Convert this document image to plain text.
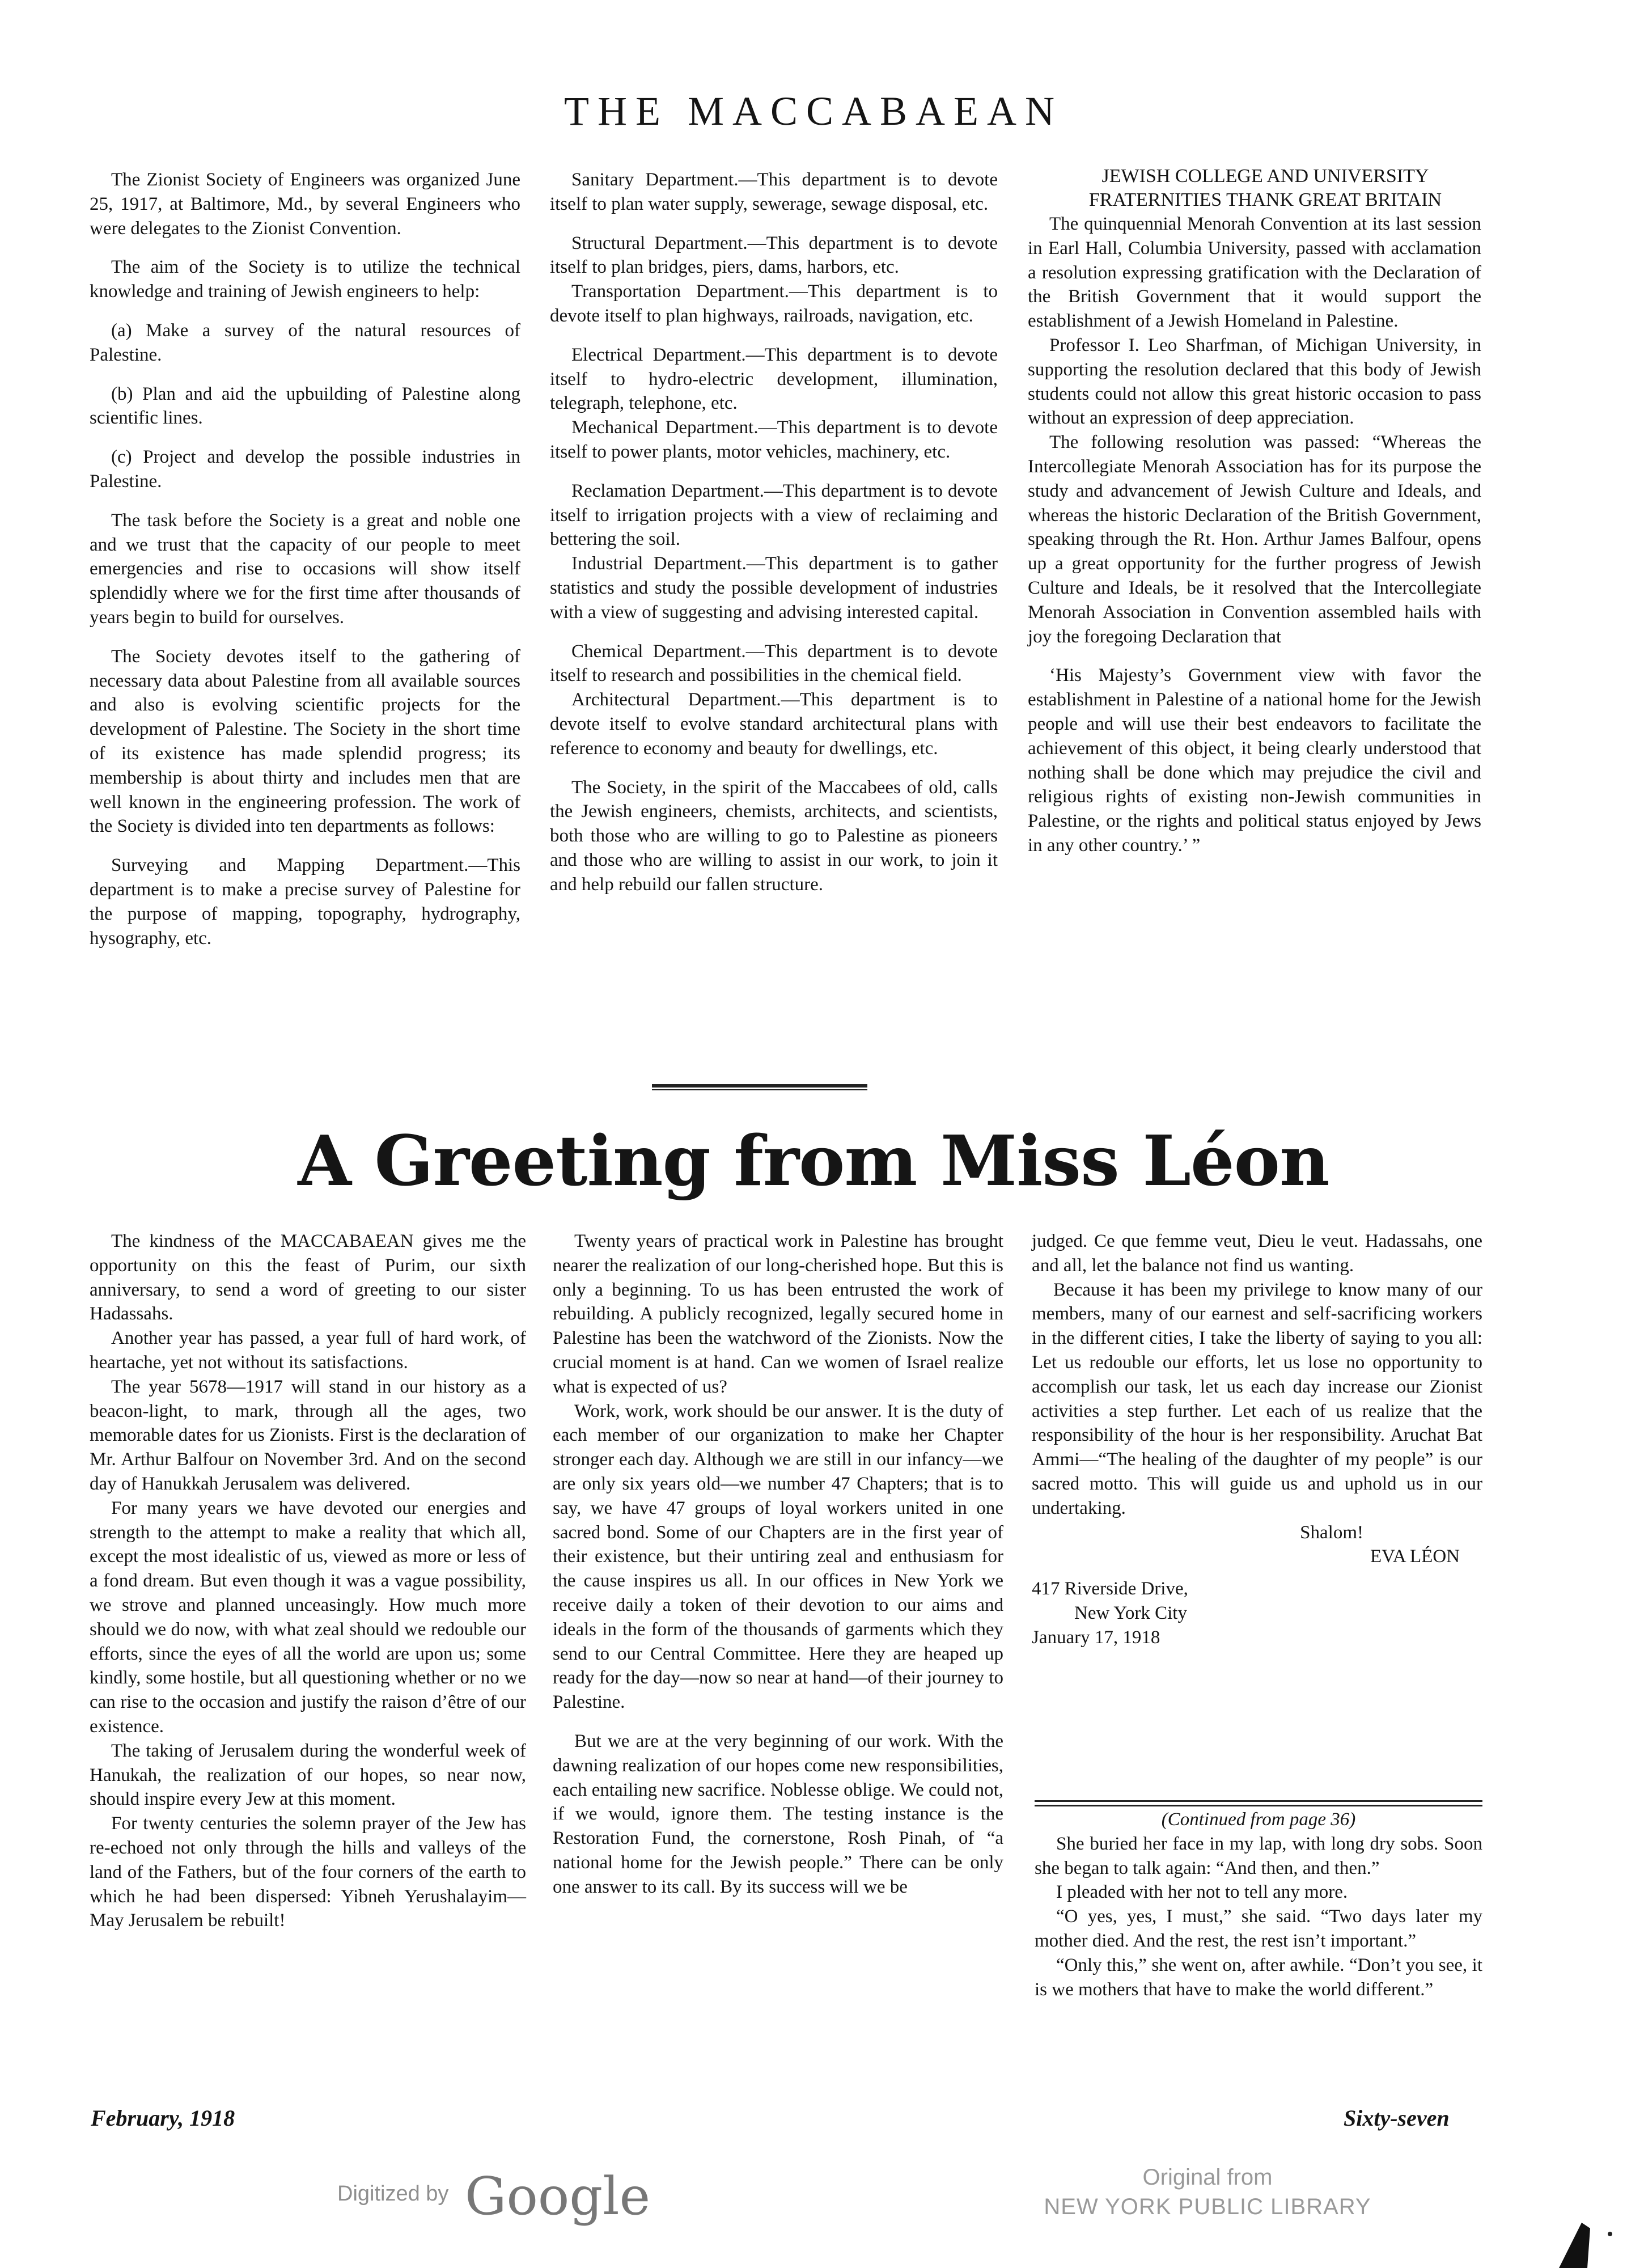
THE MACCABAEAN

The Zionist Society of Engineers was organized June 25, 1917, at Baltimore, Md., by several Engineers who were delegates to the Zionist Convention.

The aim of the Society is to utilize the technical knowledge and training of Jewish engineers to help:

(a) Make a survey of the natural resources of Palestine.

(b) Plan and aid the upbuilding of Palestine along scientific lines.

(c) Project and develop the possible industries in Palestine.

The task before the Society is a great and noble one and we trust that the capacity of our people to meet emergencies and rise to occasions will show itself splendidly where we for the first time after thousands of years begin to build for ourselves.

The Society devotes itself to the gathering of necessary data about Palestine from all available sources and also is evolving scientific projects for the development of Palestine. The Society in the short time of its existence has made splendid progress; its membership is about thirty and includes men that are well known in the engineering profession. The work of the Society is divided into ten departments as follows:

Surveying and Mapping Department.—This department is to make a precise survey of Palestine for the purpose of mapping, topography, hydrography, hysography, etc.

Sanitary Department.—This department is to devote itself to plan water supply, sewerage, sewage disposal, etc.

Structural Department.—This department is to devote itself to plan bridges, piers, dams, harbors, etc.

Transportation Department.—This department is to devote itself to plan highways, railroads, navigation, etc.

Electrical Department.—This department is to devote itself to hydro-electric development, illumination, telegraph, telephone, etc.

Mechanical Department.—This department is to devote itself to power plants, motor vehicles, machinery, etc.

Reclamation Department.—This department is to devote itself to irrigation projects with a view of reclaiming and bettering the soil.

Industrial Department.—This department is to gather statistics and study the possible development of industries with a view of suggesting and advising interested capital.

Chemical Department.—This department is to devote itself to research and possibilities in the chemical field.

Architectural Department.—This department is to devote itself to evolve standard architectural plans with reference to economy and beauty for dwellings, etc.

The Society, in the spirit of the Maccabees of old, calls the Jewish engineers, chemists, architects, and scientists, both those who are willing to go to Palestine as pioneers and those who are willing to assist in our work, to join it and help rebuild our fallen structure.

JEWISH COLLEGE AND UNIVERSITY

FRATERNITIES THANK GREAT BRITAIN

The quinquennial Menorah Convention at its last session in Earl Hall, Columbia University, passed with acclamation a resolution expressing gratification with the Declaration of the British Government that it would support the establishment of a Jewish Homeland in Palestine.

Professor I. Leo Sharfman, of Michigan University, in supporting the resolution declared that this body of Jewish students could not allow this great historic occasion to pass without an expression of deep appreciation.

The following resolution was passed: “Whereas the Intercollegiate Menorah Association has for its purpose the study and advancement of Jewish Culture and Ideals, and whereas the historic Declaration of the British Government, speaking through the Rt. Hon. Arthur James Balfour, opens up a great opportunity for the further progress of Jewish Culture and Ideals, be it resolved that the Intercollegiate Menorah Association in Convention assembled hails with joy the foregoing Declaration that

‘His Majesty’s Government view with favor the establishment in Palestine of a national home for the Jewish people and will use their best endeavors to facilitate the achievement of this object, it being clearly understood that nothing shall be done which may prejudice the civil and religious rights of existing non-Jewish communities in Palestine, or the rights and political status enjoyed by Jews in any other country.’ ”

A Greeting from Miss Léon

The kindness of the MACCABAEAN gives me the opportunity on this the feast of Purim, our sixth anniversary, to send a word of greeting to our sister Hadassahs.

Another year has passed, a year full of hard work, of heartache, yet not without its satisfactions.

The year 5678—1917 will stand in our history as a beacon-light, to mark, through all the ages, two memorable dates for us Zionists. First is the declaration of Mr. Arthur Balfour on November 3rd. And on the second day of Hanukkah Jerusalem was delivered.

For many years we have devoted our energies and strength to the attempt to make a reality that which all, except the most idealistic of us, viewed as more or less of a fond dream. But even though it was a vague possibility, we strove and planned unceasingly. How much more should we do now, with what zeal should we redouble our efforts, since the eyes of all the world are upon us; some kindly, some hostile, but all questioning whether or no we can rise to the occasion and justify the raison d’être of our existence.

The taking of Jerusalem during the wonderful week of Hanukah, the realization of our hopes, so near now, should inspire every Jew at this moment.

For twenty centuries the solemn prayer of the Jew has re-echoed not only through the hills and valleys of the land of the Fathers, but of the four corners of the earth to which he had been dispersed: Yibneh Yerushalayim—May Jerusalem be rebuilt!

Twenty years of practical work in Palestine has brought nearer the realization of our long-cherished hope. But this is only a beginning. To us has been entrusted the work of rebuilding. A publicly recognized, legally secured home in Palestine has been the watchword of the Zionists. Now the crucial moment is at hand. Can we women of Israel realize what is expected of us?

Work, work, work should be our answer. It is the duty of each member of our organization to make her Chapter stronger each day. Although we are still in our infancy—we are only six years old—we number 47 Chapters; that is to say, we have 47 groups of loyal workers united in one sacred bond. Some of our Chapters are in the first year of their existence, but their untiring zeal and enthusiasm for the cause inspires us all. In our offices in New York we receive daily a token of their devotion to our aims and ideals in the form of the thousands of garments which they send to our Central Committee. Here they are heaped up ready for the day—now so near at hand—of their journey to Palestine.

But we are at the very beginning of our work. With the dawning realization of our hopes come new responsibilities, each entailing new sacrifice. Noblesse oblige. We could not, if we would, ignore them. The testing instance is the Restoration Fund, the cornerstone, Rosh Pinah, of “a national home for the Jewish people.” There can be only one answer to its call. By its success will we be

judged. Ce que femme veut, Dieu le veut. Hadassahs, one and all, let the balance not find us wanting.

Because it has been my privilege to know many of our members, many of our earnest and self-sacrificing workers in the different cities, I take the liberty of saying to you all: Let us redouble our efforts, let us lose no opportunity to accomplish our task, let us each day increase our Zionist activities a step further. Let each of us realize that the responsibility of the hour is her responsibility. Aruchat Bat Ammi—“The healing of the daughter of my people” is our sacred motto. This will guide us and uphold us in our undertaking.

Shalom!

EVA LÉON

417 Riverside Drive,

New York City

January 17, 1918

(Continued from page 36)

She buried her face in my lap, with long dry sobs. Soon she began to talk again: “And then, and then.”

I pleaded with her not to tell any more.

“O yes, yes, I must,” she said. “Two days later my mother died. And the rest, the rest isn’t important.”

“Only this,” she went on, after awhile. “Don’t you see, it is we mothers that have to make the world different.”

February, 1918	Sixty-seven
Digitized by Google	Original from
NEW YORK PUBLIC LIBRARY
